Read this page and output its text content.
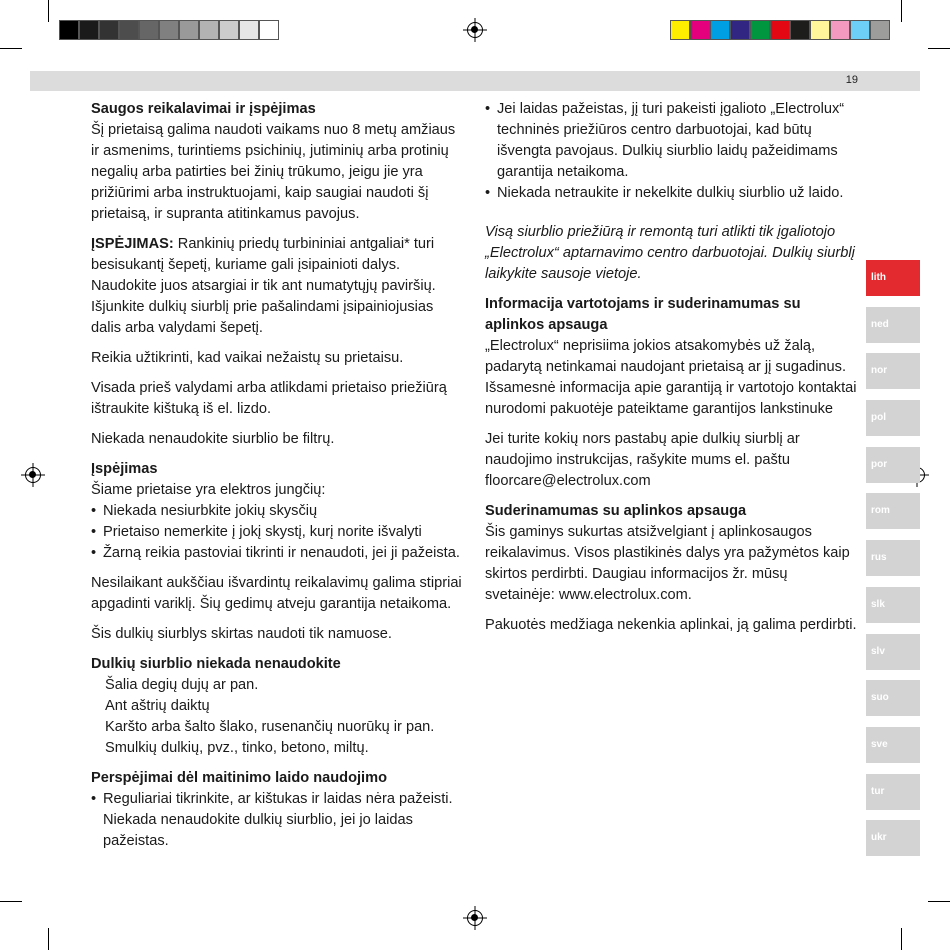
19

Saugos reikalavimai ir įspėjimas

Šį prietaisą galima naudoti vaikams nuo 8 metų amžiaus ir asmenims, turintiems psichinių, jutiminių arba protinių negalių arba patirties bei žinių trūkumo, jeigu jie yra prižiūrimi arba instruktuojami, kaip saugiai naudoti šį prietaisą, ir supranta atitinkamus pavojus.

ĮSPĖJIMAS: Rankinių priedų turbininiai antgaliai* turi besisukantį šepetį, kuriame gali įsipainioti dalys. Naudokite juos atsargiai ir tik ant numatytųjų paviršių. Išjunkite dulkių siurblį prie pašalindami įsipainiojusias dalis arba valydami šepetį.

Reikia užtikrinti, kad vaikai nežaistų su prietaisu.

Visada prieš valydami arba atlikdami prietaiso priežiūrą ištraukite kištuką iš el. lizdo.

Niekada nenaudokite siurblio be filtrų.

Įspėjimas

Šiame prietaise yra elektros jungčių:

• Niekada nesiurbkite jokių skysčių
• Prietaiso nemerkite į jokį skystį, kurį norite išvalyti
• Žarną reikia pastoviai tikrinti ir nenaudoti, jei ji pažeista.

Nesilaikant aukščiau išvardintų reikalavimų galima stipriai apgadinti variklį. Šių gedimų atveju garantija netaikoma.

Šis dulkių siurblys skirtas naudoti tik namuose.

Dulkių siurblio niekada nenaudokite

Šalia degių dujų ar pan.

Ant aštrių daiktų

Karšto arba šalto šlako, rusenančių nuorūkų ir pan.

Smulkių dulkių, pvz., tinko, betono, miltų.

Perspėjimai dėl maitinimo laido naudojimo

• Reguliariai tikrinkite, ar kištukas ir laidas nėra pažeisti. Niekada nenaudokite dulkių siurblio, jei jo laidas pažeistas.
• Jei laidas pažeistas, jį turi pakeisti įgalioto „Electrolux“ techninės priežiūros centro darbuotojai, kad būtų išvengta pavojaus. Dulkių siurblio laidų pažeidimams garantija netaikoma.
• Niekada netraukite ir nekelkite dulkių siurblio už laido.

Visą siurblio priežiūrą ir remontą turi atlikti tik įgaliotojo „Electrolux“ aptarnavimo centro darbuotojai. Dulkių siurblį laikykite sausoje vietoje.

Informacija vartotojams ir suderinamumas su aplinkos apsauga

„Electrolux“ neprisiima jokios atsakomybės už žalą, padarytą netinkamai naudojant prietaisą ar jį sugadinus. Išsamesnė informacija apie garantiją ir vartotojo kontaktai nurodomi pakuotėje pateiktame garantijos lankstinuke

Jei turite kokių nors pastabų apie dulkių siurblį ar naudojimo instrukcijas, rašykite mums el. paštu floorcare@electrolux.com

Suderinamumas su aplinkos apsauga

Šis gaminys sukurtas atsižvelgiant į aplinkosaugos reikalavimus. Visos plastikinės dalys yra pažymėtos kaip skirtos perdirbti. Daugiau informacijos žr. mūsų svetainėje: www.electrolux.com.

Pakuotės medžiaga nekenkia aplinkai, ją galima perdirbti.

lith
ned
nor
pol
por
rom
rus
slk
slv
suo
sve
tur
ukr
